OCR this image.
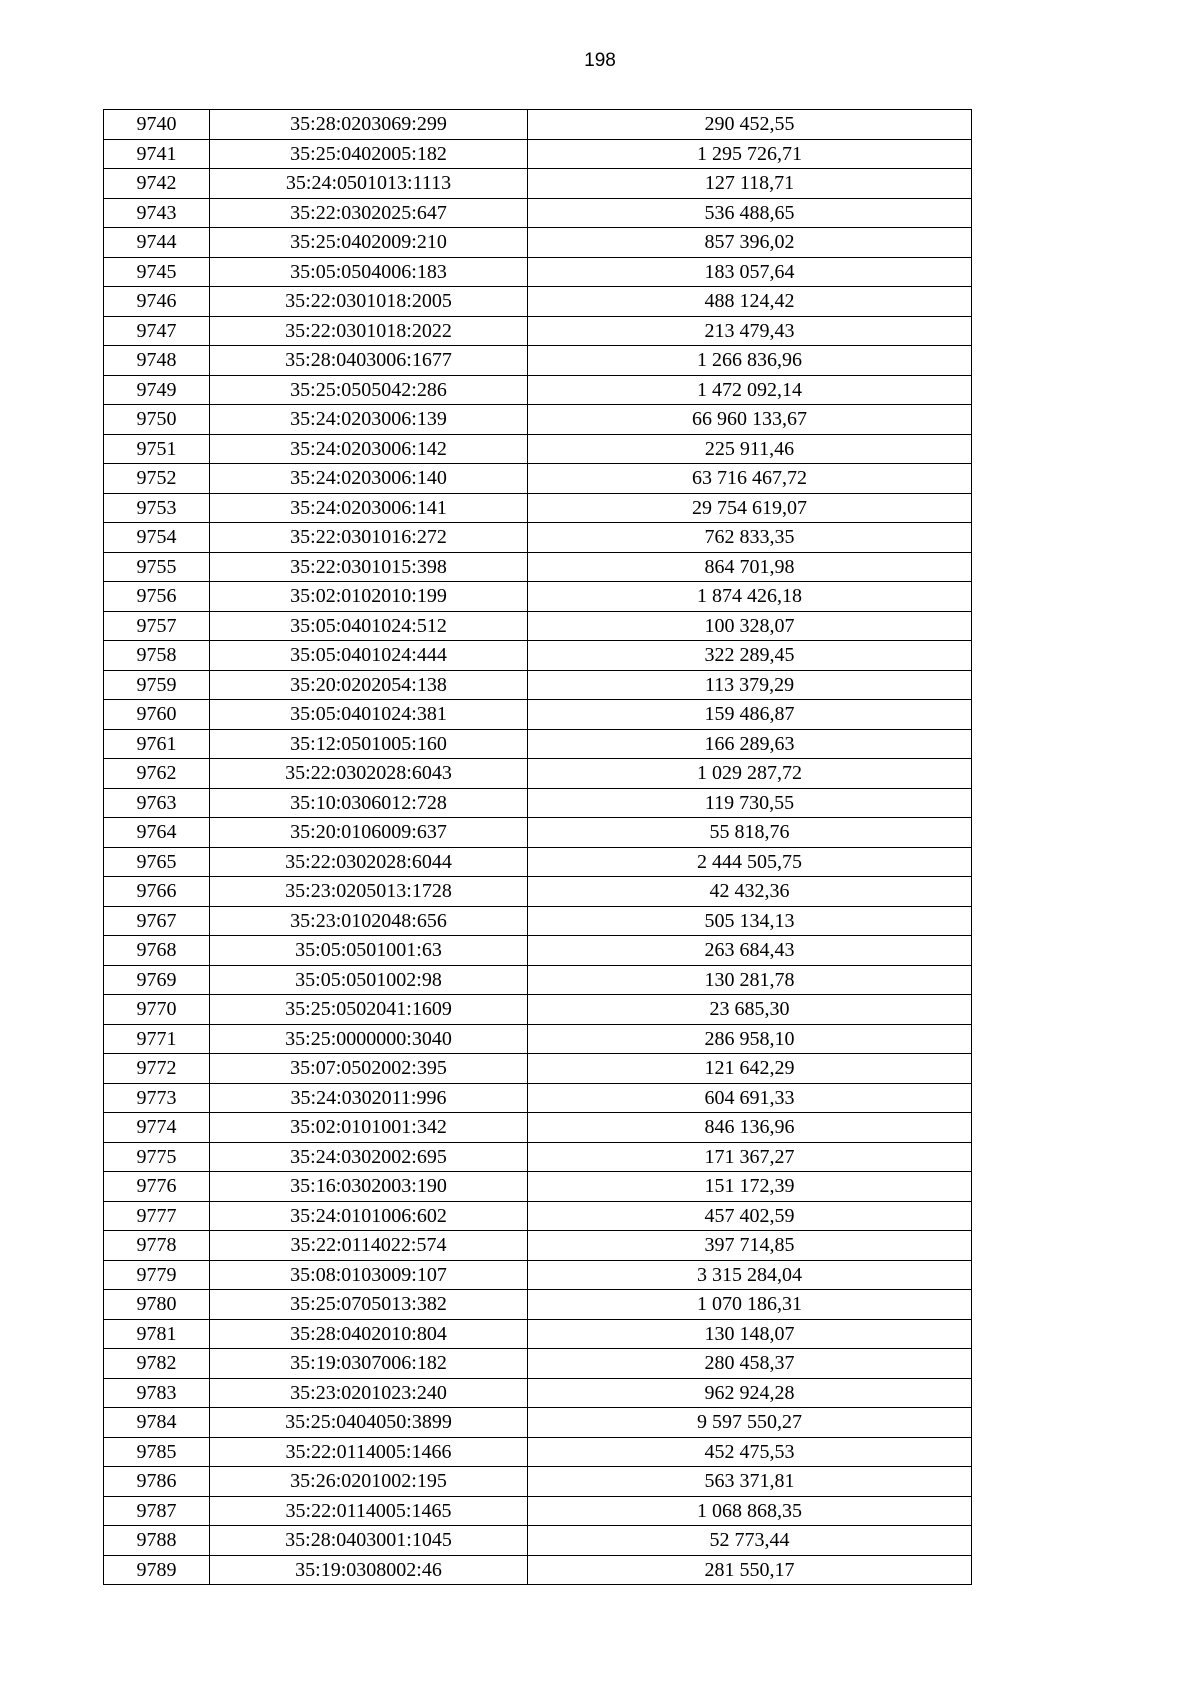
198
9740	35:28:0203069:299	290 452,55
9741	35:25:0402005:182	1 295 726,71
9742	35:24:0501013:1113	127 118,71
9743	35:22:0302025:647	536 488,65
9744	35:25:0402009:210	857 396,02
9745	35:05:0504006:183	183 057,64
9746	35:22:0301018:2005	488 124,42
9747	35:22:0301018:2022	213 479,43
9748	35:28:0403006:1677	1 266 836,96
9749	35:25:0505042:286	1 472 092,14
9750	35:24:0203006:139	66 960 133,67
9751	35:24:0203006:142	225 911,46
9752	35:24:0203006:140	63 716 467,72
9753	35:24:0203006:141	29 754 619,07
9754	35:22:0301016:272	762 833,35
9755	35:22:0301015:398	864 701,98
9756	35:02:0102010:199	1 874 426,18
9757	35:05:0401024:512	100 328,07
9758	35:05:0401024:444	322 289,45
9759	35:20:0202054:138	113 379,29
9760	35:05:0401024:381	159 486,87
9761	35:12:0501005:160	166 289,63
9762	35:22:0302028:6043	1 029 287,72
9763	35:10:0306012:728	119 730,55
9764	35:20:0106009:637	55 818,76
9765	35:22:0302028:6044	2 444 505,75
9766	35:23:0205013:1728	42 432,36
9767	35:23:0102048:656	505 134,13
9768	35:05:0501001:63	263 684,43
9769	35:05:0501002:98	130 281,78
9770	35:25:0502041:1609	23 685,30
9771	35:25:0000000:3040	286 958,10
9772	35:07:0502002:395	121 642,29
9773	35:24:0302011:996	604 691,33
9774	35:02:0101001:342	846 136,96
9775	35:24:0302002:695	171 367,27
9776	35:16:0302003:190	151 172,39
9777	35:24:0101006:602	457 402,59
9778	35:22:0114022:574	397 714,85
9779	35:08:0103009:107	3 315 284,04
9780	35:25:0705013:382	1 070 186,31
9781	35:28:0402010:804	130 148,07
9782	35:19:0307006:182	280 458,37
9783	35:23:0201023:240	962 924,28
9784	35:25:0404050:3899	9 597 550,27
9785	35:22:0114005:1466	452 475,53
9786	35:26:0201002:195	563 371,81
9787	35:22:0114005:1465	1 068 868,35
9788	35:28:0403001:1045	52 773,44
9789	35:19:0308002:46	281 550,17
